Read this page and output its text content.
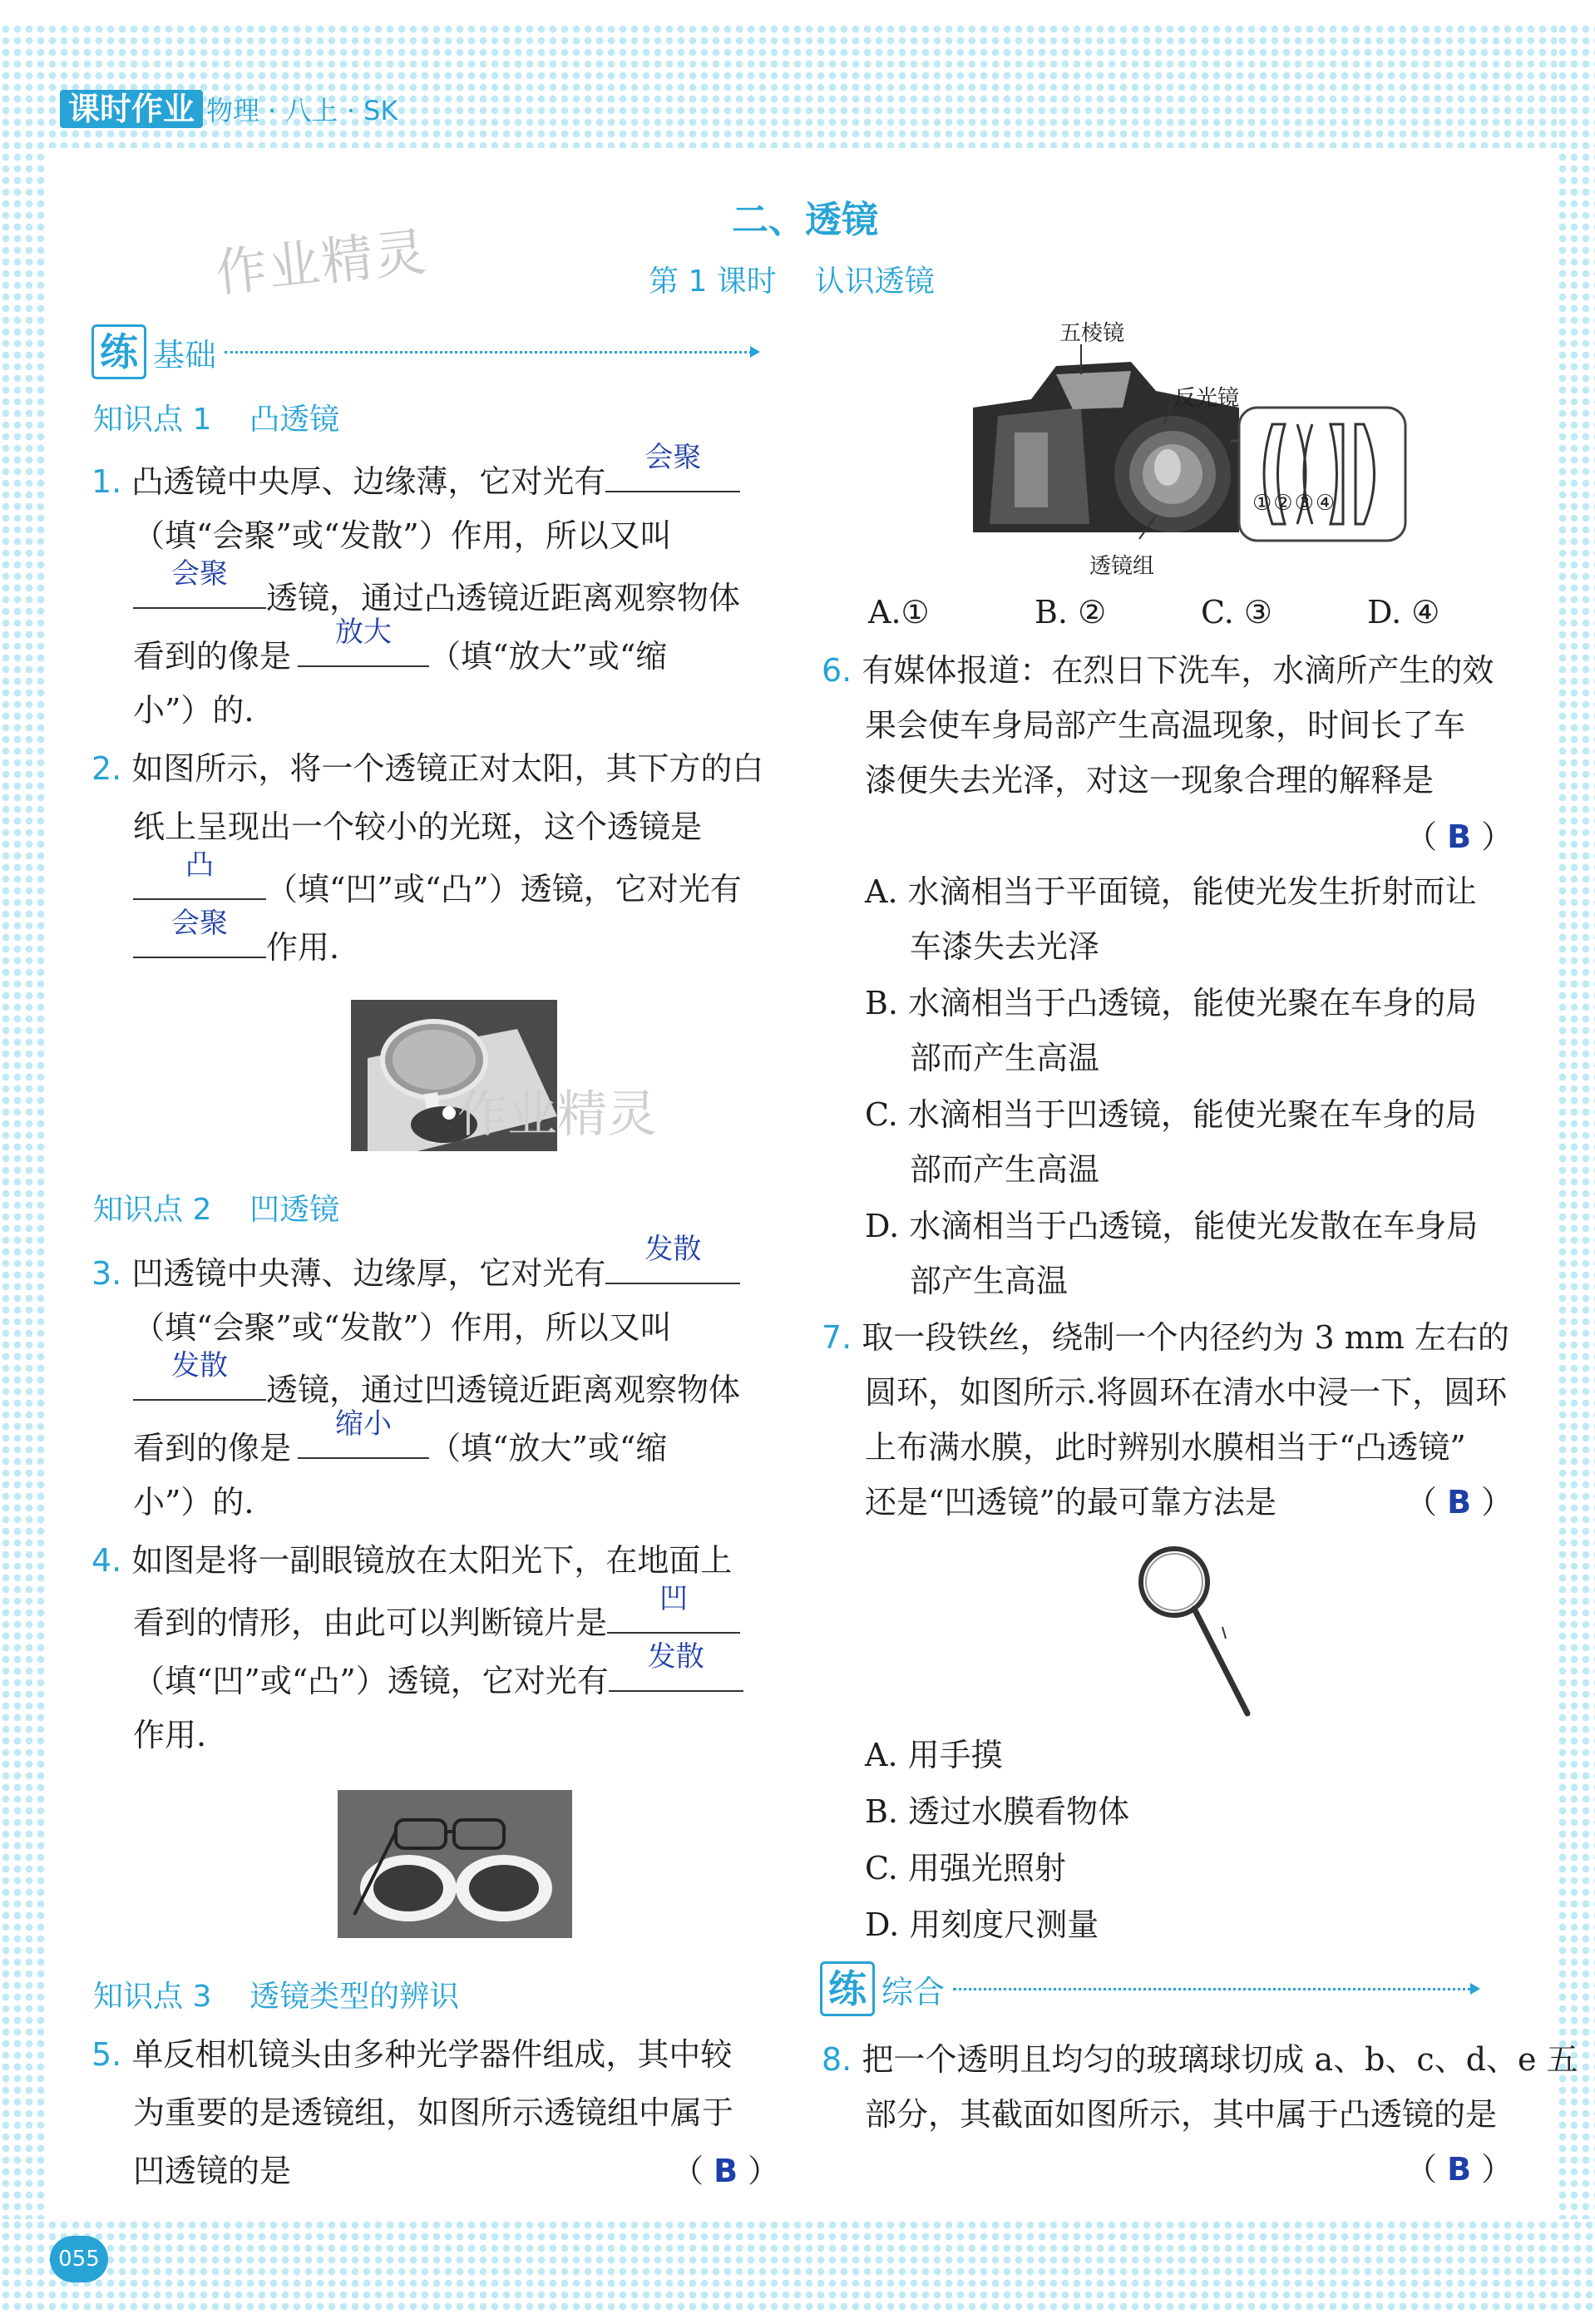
课时作业 物理 · 八上 · SK
作业精灵
二、透镜
第 1 课时    认识透镜
练 基础
知识点 1    凸透镜
1. 凸透镜中央厚、边缘薄，它对光有
会聚
（填“会聚”或“发散”）作用，所以又叫
会聚
透镜，通过凸透镜近距离观察物体
看到的像是
放大
（填“放大”或“缩
小”）的.
2. 如图所示，将一个透镜正对太阳，其下方的白
纸上呈现出一个较小的光斑，这个透镜是
凸
（填“凹”或“凸”）透镜，它对光有
会聚
作用.
作业精灵
知识点 2    凹透镜
3. 凹透镜中央薄、边缘厚，它对光有
发散
（填“会聚”或“发散”）作用，所以又叫
发散
透镜，通过凹透镜近距离观察物体
看到的像是
缩小
（填“放大”或“缩
小”）的.
4. 如图是将一副眼镜放在太阳光下，在地面上
看到的情形，由此可以判断镜片是
凹
（填“凹”或“凸”）透镜，它对光有
发散
作用.
知识点 3    透镜类型的辨识
5. 单反相机镜头由多种光学器件组成，其中较
为重要的是透镜组，如图所示透镜组中属于
凹透镜的是	（ B ）
五棱镜
反光镜
透镜组
①②③④
A.①	B. ②	C. ③	D. ④
6. 有媒体报道：在烈日下洗车，水滴所产生的效
果会使车身局部产生高温现象，时间长了车
漆便失去光泽，对这一现象合理的解释是
（ B ）
A. 水滴相当于平面镜，能使光发生折射而让
车漆失去光泽
B. 水滴相当于凸透镜，能使光聚在车身的局
部而产生高温
C. 水滴相当于凹透镜，能使光聚在车身的局
部而产生高温
D. 水滴相当于凸透镜，能使光发散在车身局
部产生高温
7. 取一段铁丝，绕制一个内径约为 3 mm 左右的
圆环，如图所示.将圆环在清水中浸一下，圆环
上布满水膜，此时辨别水膜相当于“凸透镜”
还是“凹透镜”的最可靠方法是	（ B ）
A. 用手摸
B. 透过水膜看物体
C. 用强光照射
D. 用刻度尺测量
练 综合
8. 把一个透明且均匀的玻璃球切成 a、b、c、d、e 五
部分，其截面如图所示，其中属于凸透镜的是
（ B ）
055
